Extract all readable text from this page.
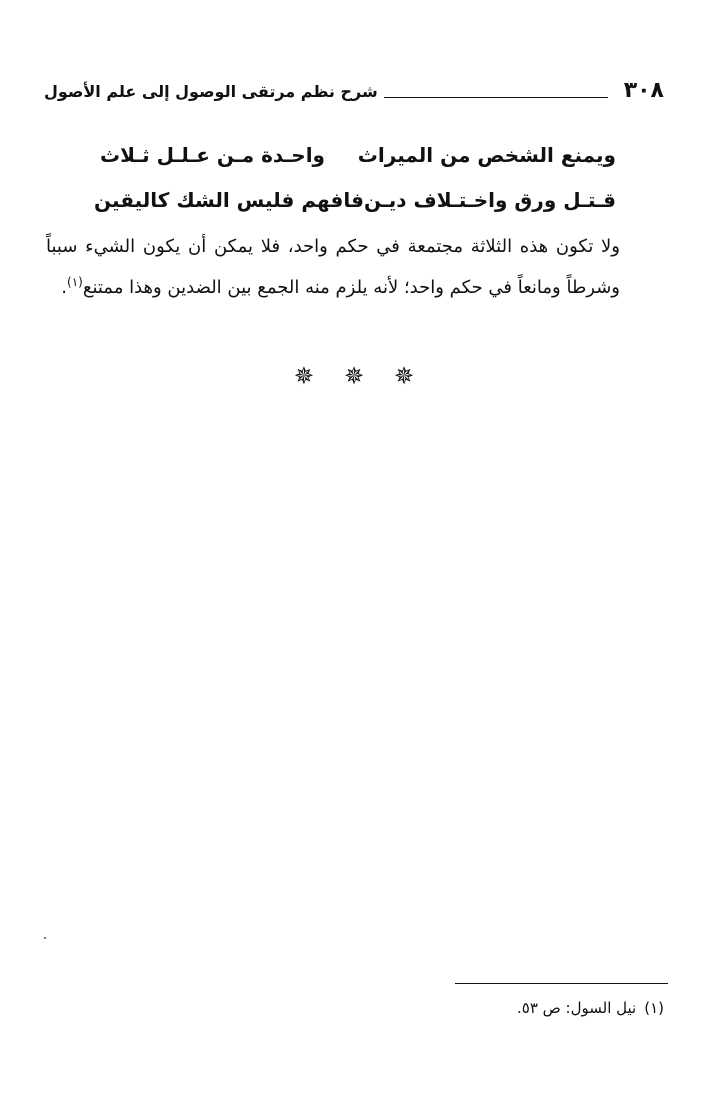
٣٠٨
شرح نظم مرتقى الوصول إلى علم الأصول
ويمنع الشخص من الميراث
واحـدة مـن عـلـل ثـلاث
قـتـل ورق واخـتـلاف ديـن
فافهم فليس الشك كاليقين
ولا تكون هذه الثلاثة مجتمعة في حكم واحد، فلا يمكن أن يكون الشيء سبباً وشرطاً ومانعاً في حكم واحد؛ لأنه يلزم منه الجمع بين الضدين وهذا ممتنع$^{(١)}$.
✵ ✵ ✵
(١)نيل السول: ص ٥٣.
